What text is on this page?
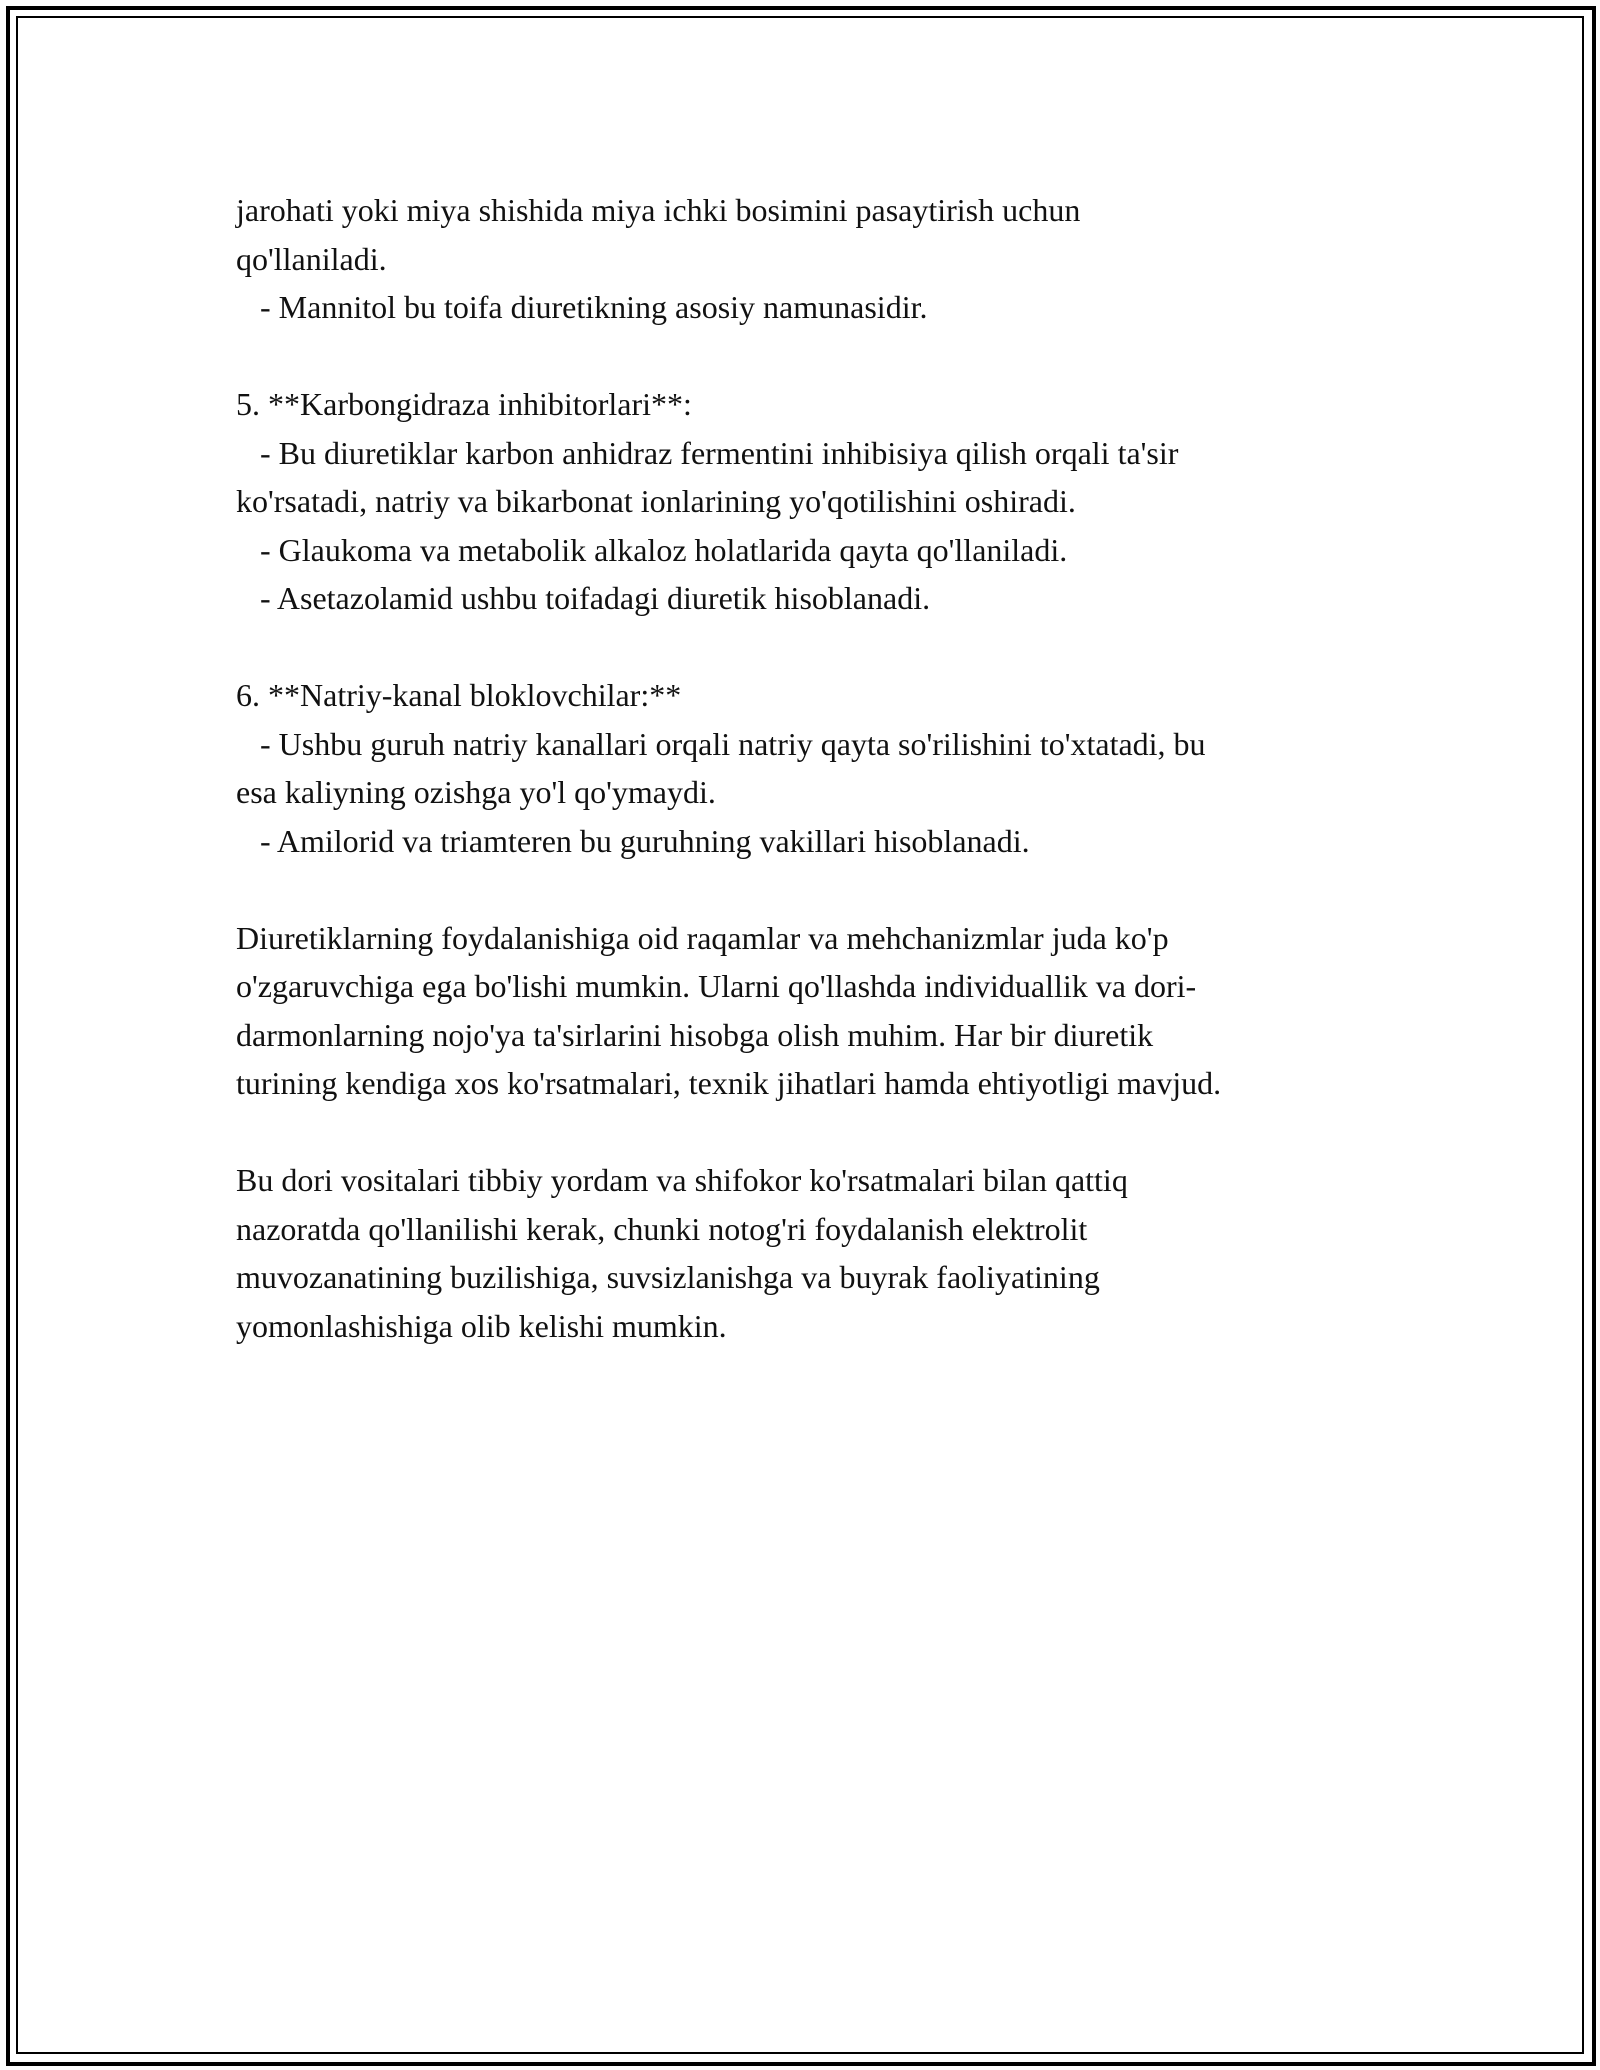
jarohati yoki miya shishida miya ichki bosimini pasaytirish uchun
qo'llaniladi.
- Mannitol bu toifa diuretikning asosiy namunasidir.
5. **Karbongidraza inhibitorlari**:
- Bu diuretiklar karbon anhidraz fermentini inhibisiya qilish orqali ta'sir
ko'rsatadi, natriy va bikarbonat ionlarining yo'qotilishini oshiradi.
- Glaukoma va metabolik alkaloz holatlarida qayta qo'llaniladi.
- Asetazolamid ushbu toifadagi diuretik hisoblanadi.
6. **Natriy-kanal bloklovchilar:**
- Ushbu guruh natriy kanallari orqali natriy qayta so'rilishini to'xtatadi, bu
esa kaliyning ozishga yo'l qo'ymaydi.
- Amilorid va triamteren bu guruhning vakillari hisoblanadi.
Diuretiklarning foydalanishiga oid raqamlar va mehchanizmlar juda ko'p
o'zgaruvchiga ega bo'lishi mumkin. Ularni qo'llashda individuallik va dori-
darmonlarning nojo'ya ta'sirlarini hisobga olish muhim. Har bir diuretik
turining kendiga xos ko'rsatmalari, texnik jihatlari hamda ehtiyotligi mavjud.
Bu dori vositalari tibbiy yordam va shifokor ko'rsatmalari bilan qattiq
nazoratda qo'llanilishi kerak, chunki notog'ri foydalanish elektrolit
muvozanatining buzilishiga, suvsizlanishga va buyrak faoliyatining
yomonlashishiga olib kelishi mumkin.
